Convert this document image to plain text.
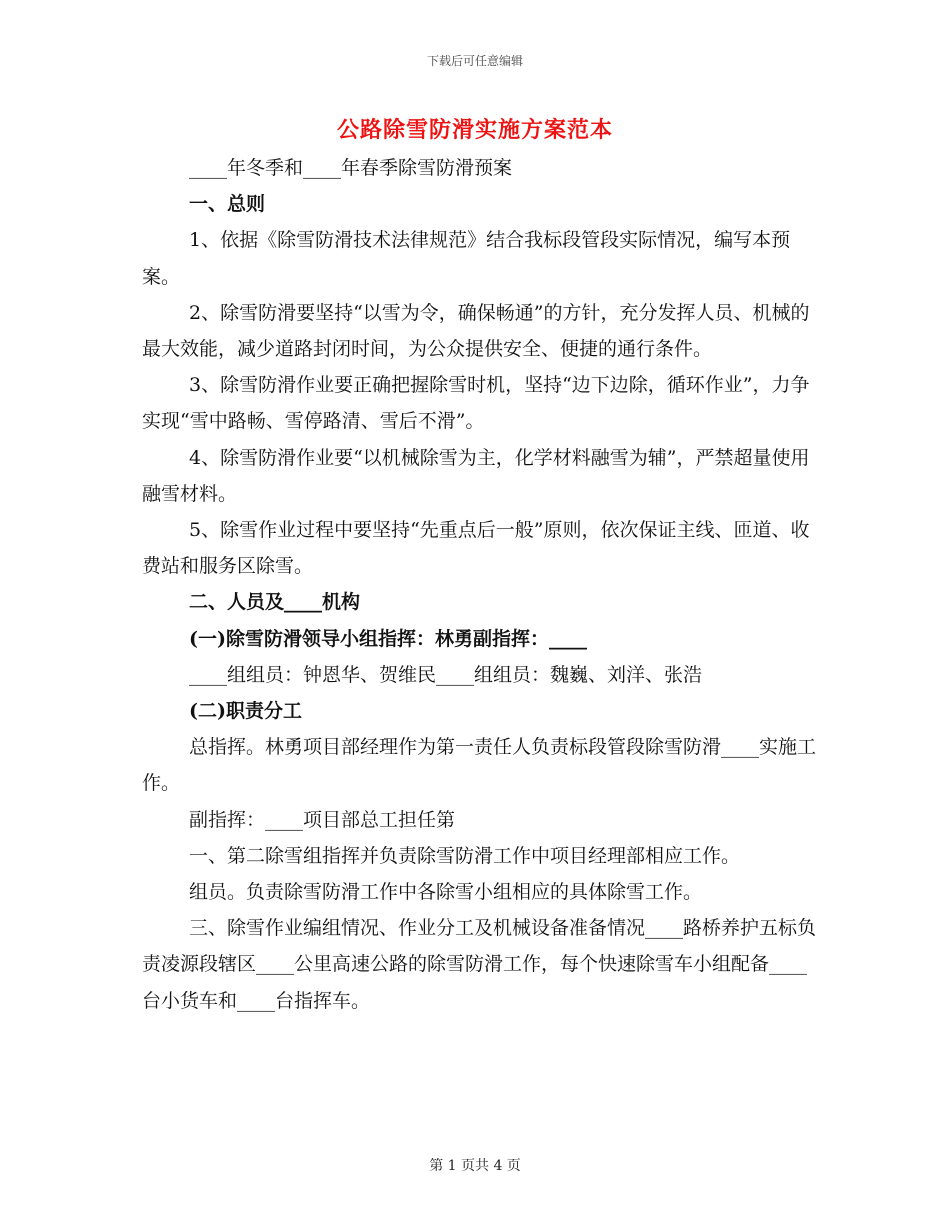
下载后可任意编辑
公路除雪防滑实施方案范本

____年冬季和____年春季除雪防滑预案

一、总则

1、依据《除雪防滑技术法律规范》结合我标段管段实际情况，编写本预案。

2、除雪防滑要坚持“以雪为令，确保畅通”的方针，充分发挥人员、机械的最大效能，减少道路封闭时间，为公众提供安全、便捷的通行条件。

3、除雪防滑作业要正确把握除雪时机，坚持“边下边除，循环作业”，力争实现“雪中路畅、雪停路清、雪后不滑”。

4、除雪防滑作业要“以机械除雪为主，化学材料融雪为辅”，严禁超量使用融雪材料。

5、除雪作业过程中要坚持“先重点后一般”原则，依次保证主线、匝道、收费站和服务区除雪。

二、人员及____机构

(一)除雪防滑领导小组指挥：林勇副指挥：____

____组组员：钟恩华、贺维民____组组员：魏巍、刘洋、张浩

(二)职责分工

总指挥。林勇项目部经理作为第一责任人负责标段管段除雪防滑____实施工作。

副指挥：____项目部总工担任第

一、第二除雪组指挥并负责除雪防滑工作中项目经理部相应工作。

组员。负责除雪防滑工作中各除雪小组相应的具体除雪工作。

三、除雪作业编组情况、作业分工及机械设备准备情况____路桥养护五标负责凌源段辖区____公里高速公路的除雪防滑工作，每个快速除雪车小组配备____台小货车和____台指挥车。

第 1 页共 4 页
